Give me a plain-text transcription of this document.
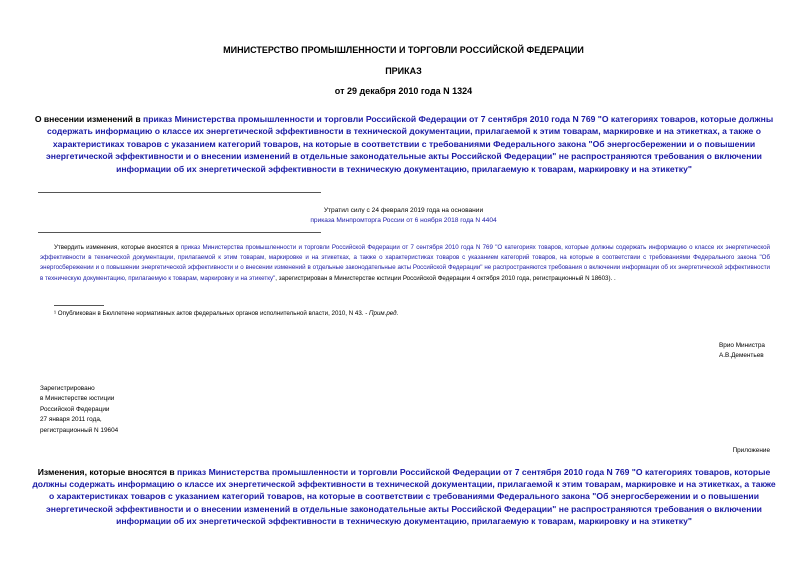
МИНИСТЕРСТВО ПРОМЫШЛЕННОСТИ И ТОРГОВЛИ РОССИЙСКОЙ ФЕДЕРАЦИИ
ПРИКАЗ
от 29 декабря 2010 года N 1324
О внесении изменений в приказ Министерства промышленности и торговли Российской Федерации от 7 сентября 2010 года N 769 "О категориях товаров, которые должны содержать информацию о классе их энергетической эффективности в технической документации, прилагаемой к этим товарам, маркировке и на этикетках, а также о характеристиках товаров с указанием категорий товаров, на которые в соответствии с требованиями Федерального закона "Об энергосбережении и о повышении энергетической эффективности и о внесении изменений в отдельные законодательные акты Российской Федерации" не распространяются требования о включении информации об их энергетической эффективности в техническую документацию, прилагаемую к товарам, маркировку и на этикетку"
Утратил силу с 24 февраля 2019 года на основании
приказа Минпромторга России от 6 ноября 2018 года N 4404
Утвердить изменения, которые вносятся в приказ Министерства промышленности и торговли Российской Федерации от 7 сентября 2010 года N 769 "О категориях товаров, которые должны содержать информацию о классе их энергетической эффективности в технической документации, прилагаемой к этим товарам, маркировке и на этикетках, а также о характеристиках товаров с указанием категорий товаров, на которые в соответствии с требованиями Федерального закона "Об энергосбережении и о повышении энергетической эффективности и о внесении изменений в отдельные законодательные акты Российской Федерации" не распространяются требования о включении информации об их энергетической эффективности в техническую документацию, прилагаемую к товарам, маркировку и на этикетку", зарегистрирован в Министерстве юстиции Российской Федерации 4 октября 2010 года, регистрационный N 18603). .
¹ Опубликован в Бюллетене нормативных актов федеральных органов исполнительной власти, 2010, N 43. - Прим.ред.
Врио Министра
А.В.Дементьев
Зарегистрировано
в Министерстве юстиции
Российской Федерации
27 января 2011 года,
регистрационный N 19604
Приложение
Изменения, которые вносятся в приказ Министерства промышленности и торговли Российской Федерации от 7 сентября 2010 года N 769 "О категориях товаров, которые должны содержать информацию о классе их энергетической эффективности в технической документации, прилагаемой к этим товарам, маркировке и на этикетках, а также о характеристиках товаров с указанием категорий товаров, на которые в соответствии с требованиями Федерального закона "Об энергосбережении и о повышении энергетической эффективности и о внесении изменений в отдельные законодательные акты Российской Федерации" не распространяются требования о включении информации об их энергетической эффективности в техническую документацию, прилагаемую к товарам, маркировку и на этикетку"
